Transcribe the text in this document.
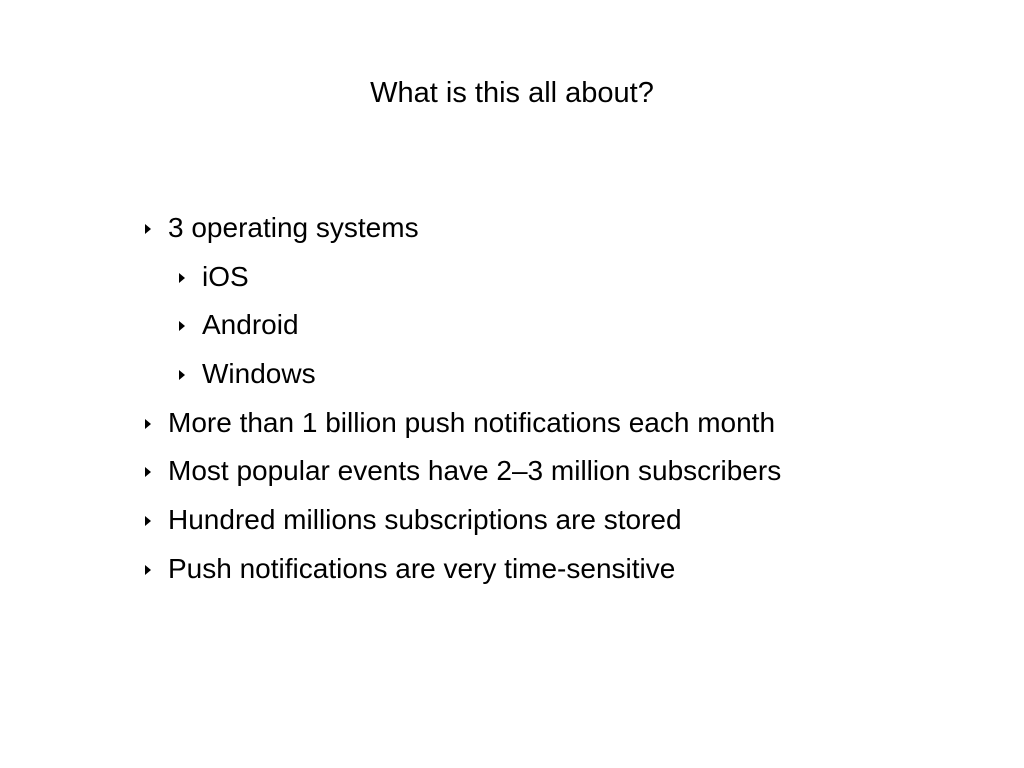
What is this all about?
3 operating systems
iOS
Android
Windows
More than 1 billion push notifications each month
Most popular events have 2–3 million subscribers
Hundred millions subscriptions are stored
Push notifications are very time-sensitive
